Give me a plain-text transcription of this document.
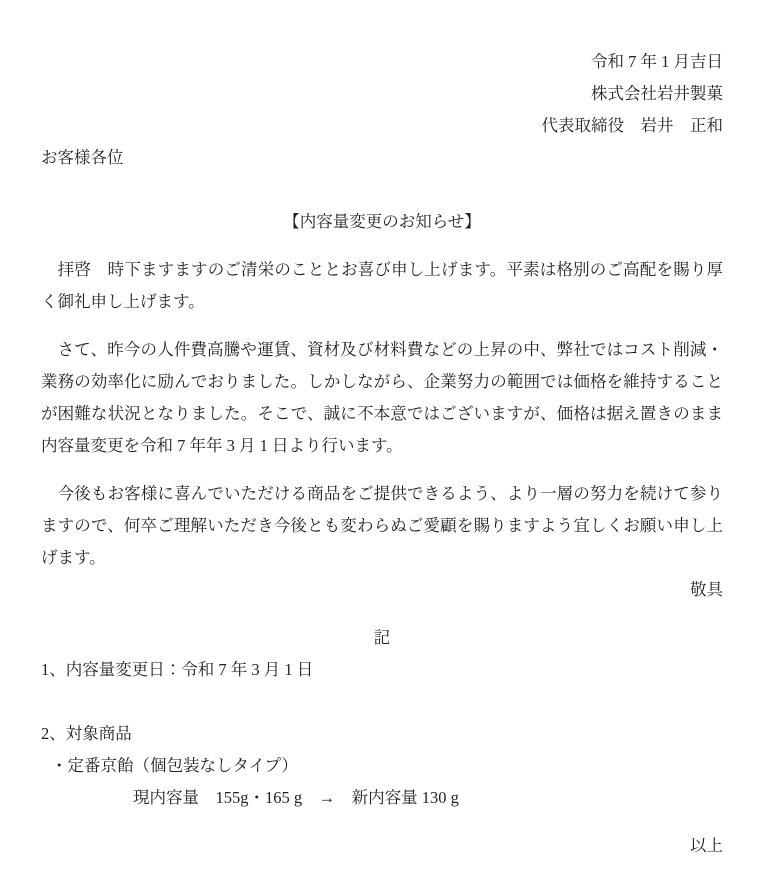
令和 7 年 1 月吉日
株式会社岩井製菓
代表取締役　岩井　正和
お客様各位
【内容量変更のお知らせ】

　拝啓　時下ますますのご清栄のこととお喜び申し上げます。平素は格別のご高配を賜り厚く御礼申し上げます。

　さて、昨今の人件費高騰や運賃、資材及び材料費などの上昇の中、弊社ではコスト削減・業務の効率化に励んでおりました。しかしながら、企業努力の範囲では価格を維持することが困難な状況となりました。そこで、誠に不本意ではございますが、価格は据え置きのまま内容量変更を令和 7 年年 3 月 1 日より行います。

　今後もお客様に喜んでいただける商品をご提供できるよう、より一層の努力を続けて参りますので、何卒ご理解いただき今後とも変わらぬご愛顧を賜りますよう宜しくお願い申し上げます。

敬具
記
1、内容量変更日：令和 7 年 3 月 1 日
2、対象商品
・定番京飴（個包装なしタイプ）
現内容量　155g・165 g　→　新内容量 130 g
以上
